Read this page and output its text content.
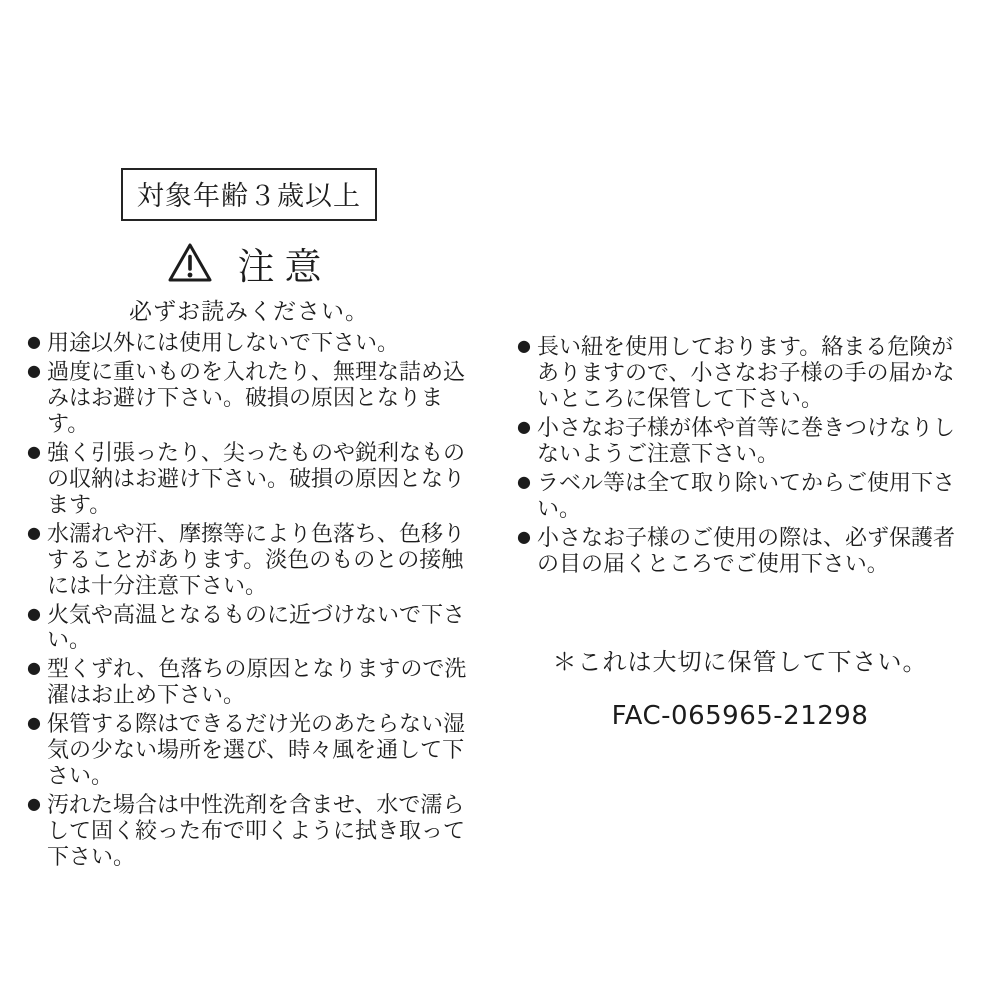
対象年齢３歳以上
注意
必ずお読みください。
● 用途以外には使用しないで下さい。
● 過度に重いものを入れたり、無理な詰め込みはお避け下さい。破損の原因となります。
● 強く引張ったり、尖ったものや鋭利なものの収納はお避け下さい。破損の原因となります。
● 水濡れや汗、摩擦等により色落ち、色移りすることがあります。淡色のものとの接触には十分注意下さい。
● 火気や高温となるものに近づけないで下さい。
● 型くずれ、色落ちの原因となりますので洗濯はお止め下さい。
● 保管する際はできるだけ光のあたらない湿気の少ない場所を選び、時々風を通して下さい。
● 汚れた場合は中性洗剤を含ませ、水で濡らして固く絞った布で叩くように拭き取って下さい。
● 長い紐を使用しております。絡まる危険がありますので、小さなお子様の手の届かないところに保管して下さい。
● 小さなお子様が体や首等に巻きつけなりしないようご注意下さい。
● ラベル等は全て取り除いてからご使用下さい。
● 小さなお子様のご使用の際は、必ず保護者の目の届くところでご使用下さい。
＊これは大切に保管して下さい。
FAC-065965-21298
